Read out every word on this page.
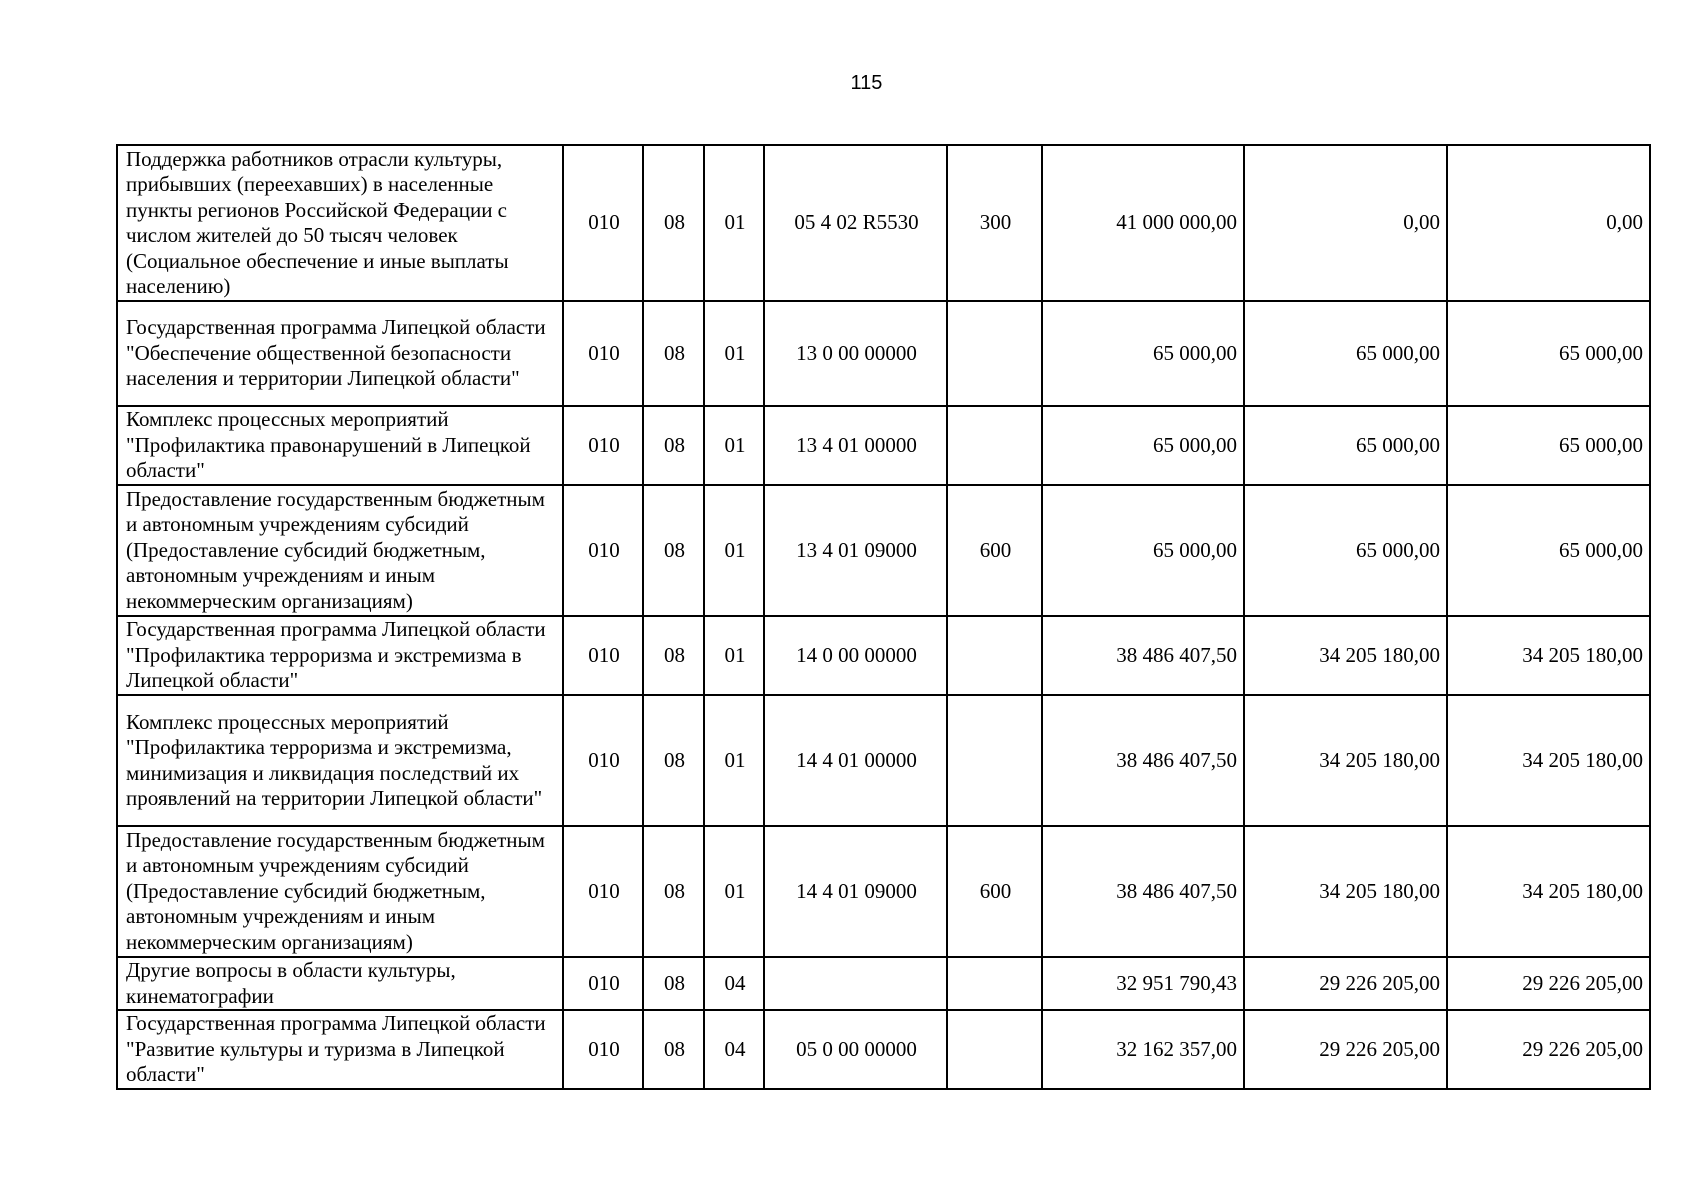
115
Поддержка работников отрасли культуры, прибывших (переехавших) в населенные пункты регионов Российской Федерации с числом жителей до 50 тысяч человек (Социальное обеспечение и иные выплаты населению)	010	08	01	05 4 02 R5530	300	41 000 000,00	0,00	0,00
Государственная программа Липецкой области "Обеспечение общественной безопасности населения и территории Липецкой области"	010	08	01	13 0 00 00000		65 000,00	65 000,00	65 000,00
Комплекс процессных мероприятий "Профилактика правонарушений в Липецкой области"	010	08	01	13 4 01 00000		65 000,00	65 000,00	65 000,00
Предоставление государственным бюджетным и автономным учреждениям субсидий (Предоставление субсидий бюджетным, автономным учреждениям и иным некоммерческим организациям)	010	08	01	13 4 01 09000	600	65 000,00	65 000,00	65 000,00
Государственная программа Липецкой области "Профилактика терроризма и экстремизма в Липецкой области"	010	08	01	14 0 00 00000		38 486 407,50	34 205 180,00	34 205 180,00
Комплекс процессных мероприятий "Профилактика терроризма и экстремизма, минимизация и ликвидация последствий их проявлений на территории Липецкой области"	010	08	01	14 4 01 00000		38 486 407,50	34 205 180,00	34 205 180,00
Предоставление государственным бюджетным и автономным учреждениям субсидий (Предоставление субсидий бюджетным, автономным учреждениям и иным некоммерческим организациям)	010	08	01	14 4 01 09000	600	38 486 407,50	34 205 180,00	34 205 180,00
Другие вопросы в области культуры, кинематографии	010	08	04			32 951 790,43	29 226 205,00	29 226 205,00
Государственная программа Липецкой области "Развитие культуры и туризма в Липецкой области"	010	08	04	05 0 00 00000		32 162 357,00	29 226 205,00	29 226 205,00
